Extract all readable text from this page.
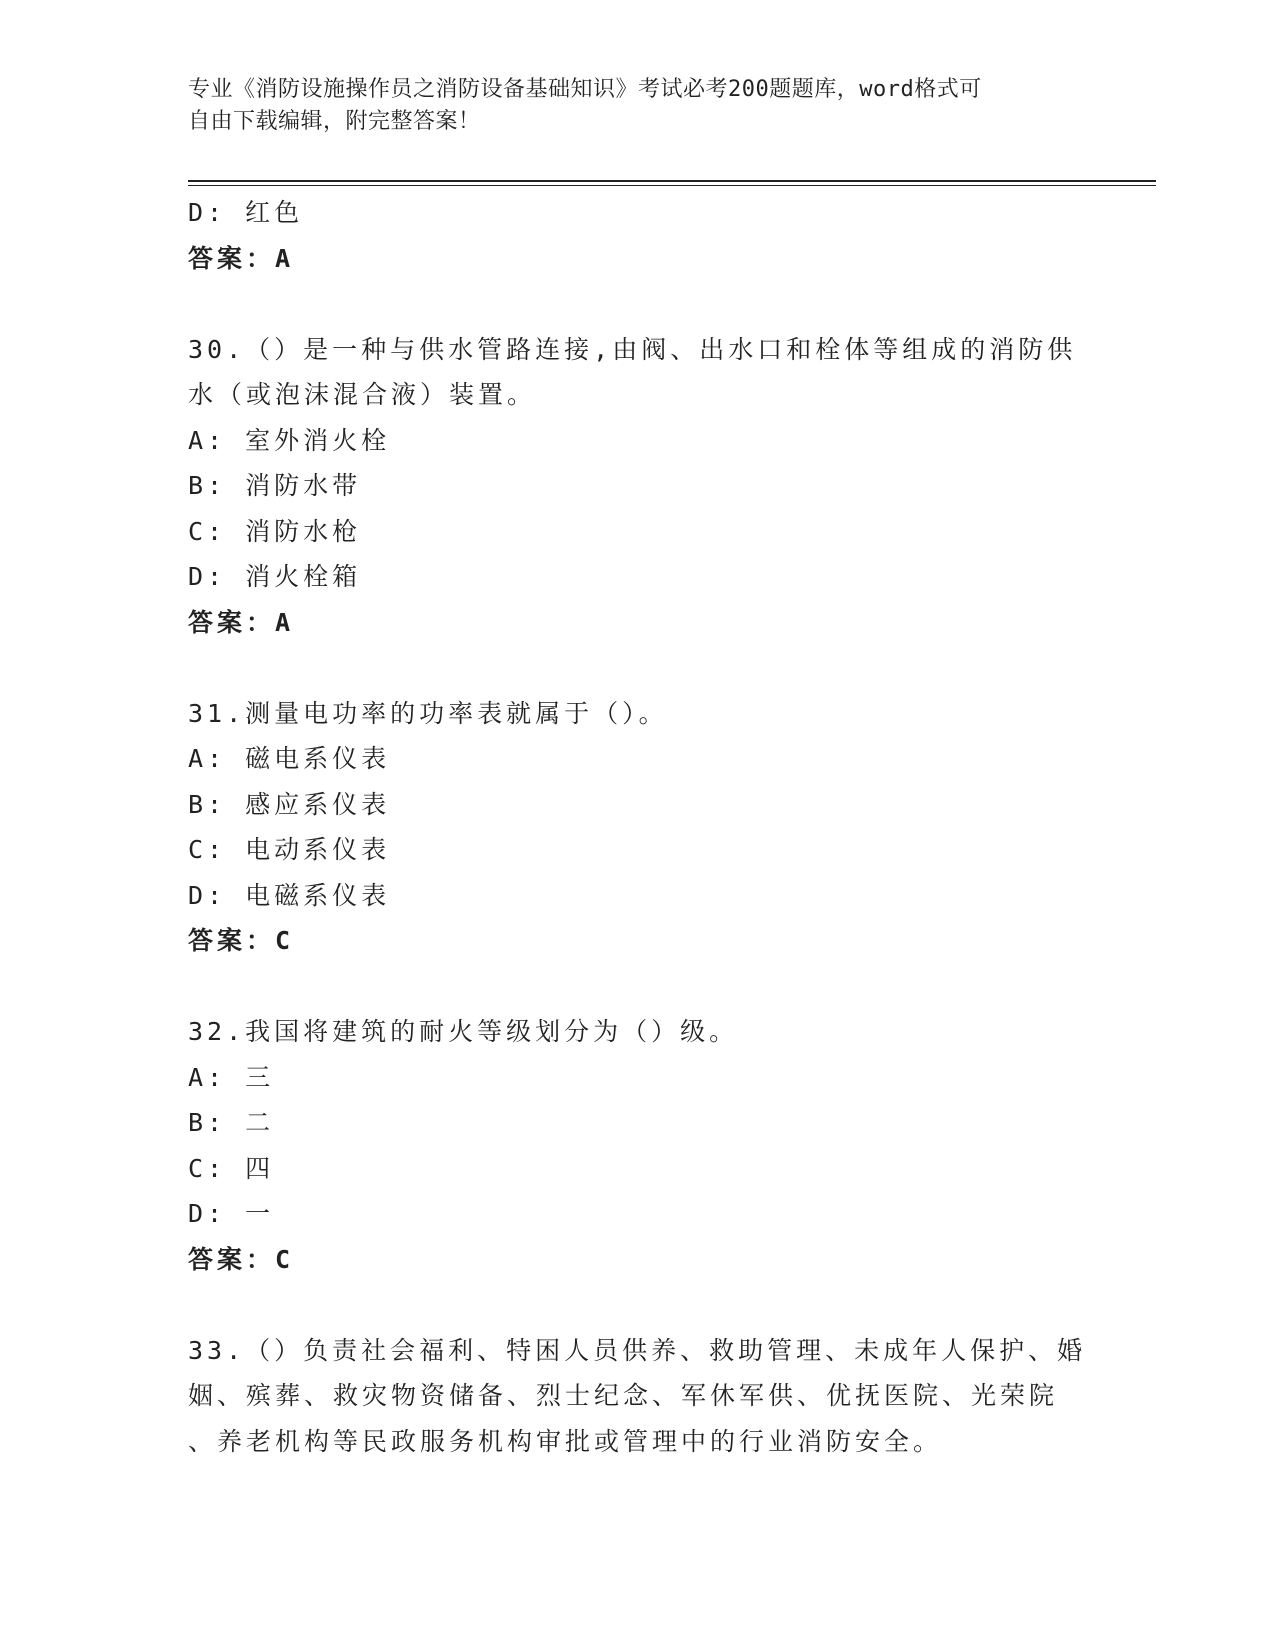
专业《消防设施操作员之消防设备基础知识》考试必考200题题库，word格式可
自由下载编辑，附完整答案！
D: 红色
答案：A
30.（）是一种与供水管路连接,由阀、出水口和栓体等组成的消防供
水（或泡沫混合液）装置。
A: 室外消火栓
B: 消防水带
C: 消防水枪
D: 消火栓箱
答案：A
31.测量电功率的功率表就属于（）。
A: 磁电系仪表
B: 感应系仪表
C: 电动系仪表
D: 电磁系仪表
答案：C
32.我国将建筑的耐火等级划分为（）级。
A: 三
B: 二
C: 四
D: 一
答案：C
33.（）负责社会福利、特困人员供养、救助管理、未成年人保护、婚
姻、殡葬、救灾物资储备、烈士纪念、军休军供、优抚医院、光荣院
、养老机构等民政服务机构审批或管理中的行业消防安全。
